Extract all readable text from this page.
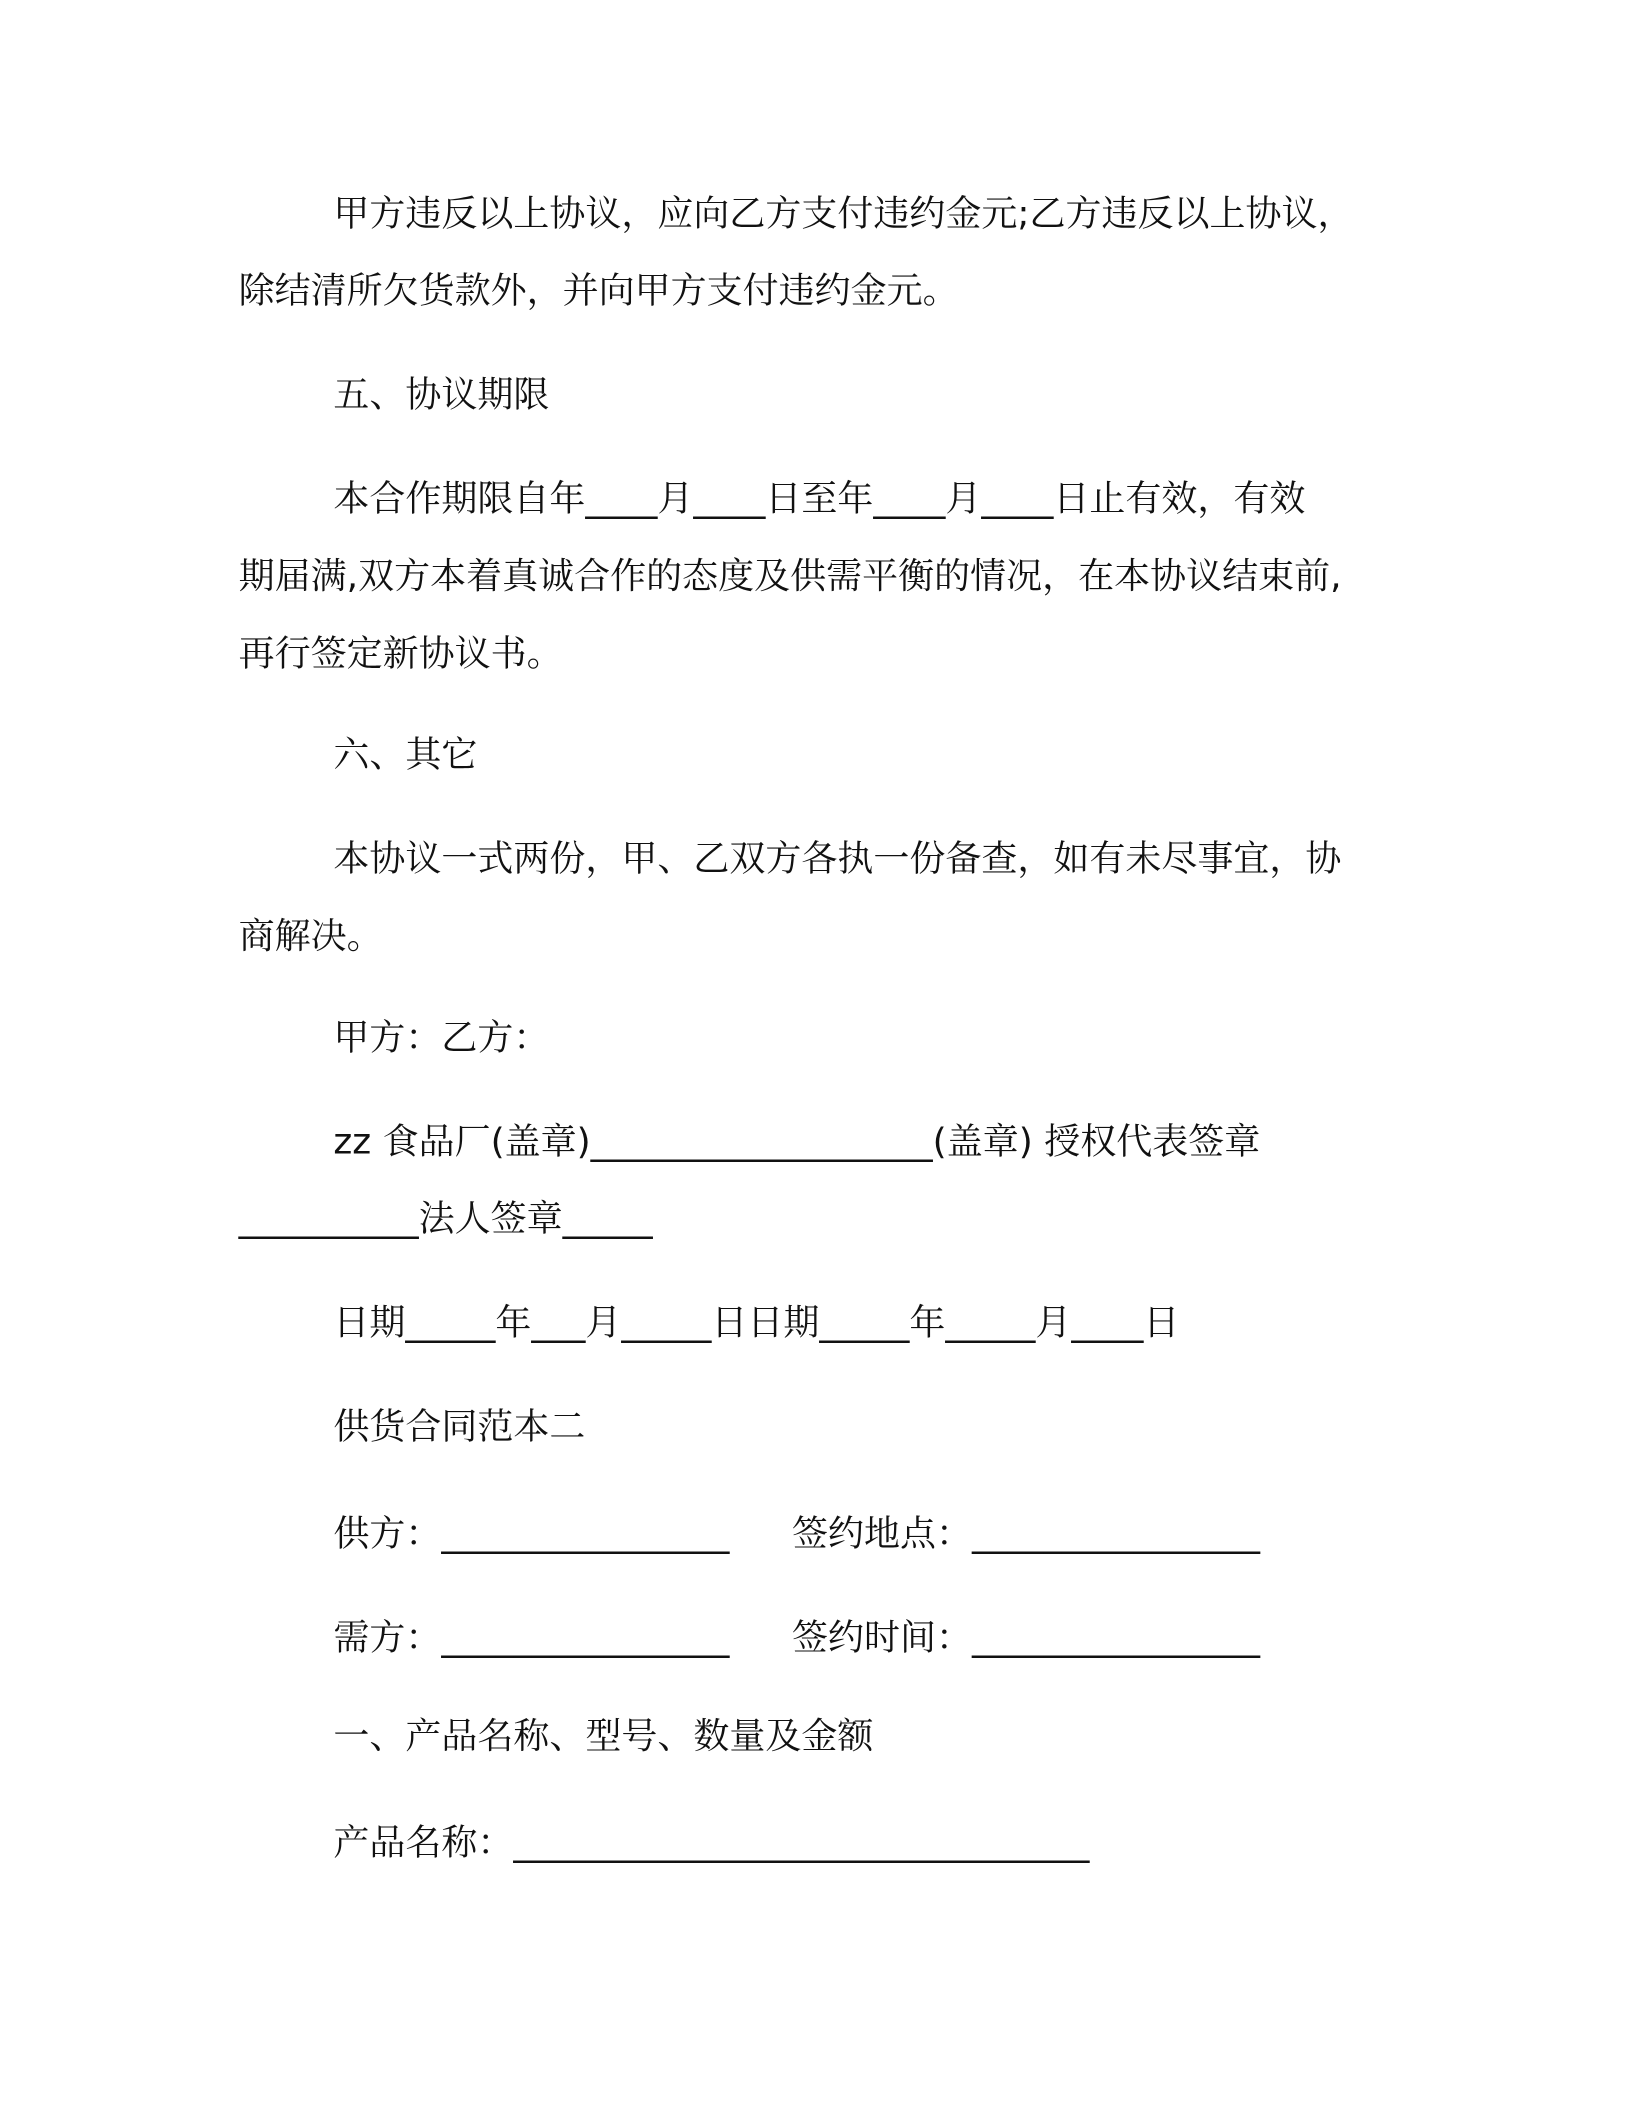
甲方违反以上协议，应向乙方支付违约金元;乙方违反以上协议，

除结清所欠货款外，并向甲方支付违约金元。

五、协议期限

本合作期限自年____月____日至年____月____日止有效，有效

期届满,双方本着真诚合作的态度及供需平衡的情况，在本协议结束前,

再行签定新协议书。

六、其它

本协议一式两份，甲、乙双方各执一份备查，如有未尽事宜，协

商解决。

甲方：乙方：

zz 食品厂(盖章)___________________(盖章) 授权代表签章

__________法人签章_____

日期_____年___月_____日日期_____年_____月____日

供货合同范本二

供方：________________ 签约地点：________________

需方：________________ 签约时间：________________

一、产品名称、型号、数量及金额

产品名称：________________________________
